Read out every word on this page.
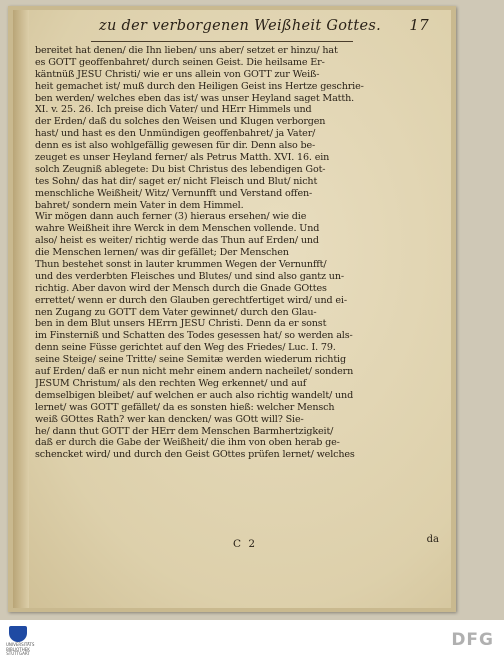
zu der verborgenen Weißheit Gottes. 17
bereitet hat denen/ die Ihn lieben/ uns aber/ setzet er hinzu/ hat
es GOTT geoffenbahret/ durch seinen Geist. Die heilsame Er-
käntnüß JESU Christi/ wie er uns allein von GOTT zur Weiß-
heit gemachet ist/ muß durch den Heiligen Geist ins Hertze geschrie-
ben werden/ welches eben das ist/ was unser Heyland saget Matth.
XI. v. 25. 26. Ich preise dich Vater/ und HErr Himmels und
der Erden/ daß du solches den Weisen und Klugen verborgen
hast/ und hast es den Unmündigen geoffenbahret/ ja Vater/
denn es ist also wohlgefällig gewesen für dir. Denn also be-
zeuget es unser Heyland ferner/ als Petrus Matth. XVI. 16. ein
solch Zeugniß ablegete: Du bist Christus des lebendigen Got-
tes Sohn/ das hat dir/ saget er/ nicht Fleisch und Blut/ nicht
menschliche Weißheit/ Witz/ Vernunfft und Verstand offen-
bahret/ sondern mein Vater in dem Himmel.
Wir mögen dann auch ferner (3) hieraus ersehen/ wie die
wahre Weißheit ihre Werck in dem Menschen vollende. Und
also/ heist es weiter/ richtig werde das Thun auf Erden/ und
die Menschen lernen/ was dir gefället; Der Menschen
Thun bestehet sonst in lauter krummen Wegen der Vernunfft/
und des verderbten Fleisches und Blutes/ und sind also gantz un-
richtig. Aber davon wird der Mensch durch die Gnade GOttes
errettet/ wenn er durch den Glauben gerechtfertiget wird/ und ei-
nen Zugang zu GOTT dem Vater gewinnet/ durch den Glau-
ben in dem Blut unsers HErrn JESU Christi. Denn da er sonst
im Finsterniß und Schatten des Todes gesessen hat/ so werden als-
denn seine Füsse gerichtet auf den Weg des Friedes/ Luc. I. 79.
seine Steige/ seine Tritte/ seine Semitæ werden wiederum richtig
auf Erden/ daß er nun nicht mehr einem andern nacheilet/ sondern
JESUM Christum/ als den rechten Weg erkennet/ und auf
demselbigen bleibet/ auf welchen er auch also richtig wandelt/ und
lernet/ was GOTT gefället/ da es sonsten hieß: welcher Mensch
weiß GOttes Rath? wer kan dencken/ was GOtt will? Sie-
he/ dann thut GOTT der HErr dem Menschen Barmhertzigkeit/
daß er durch die Gabe der Weißheit/ die ihm von oben herab ge-
schencket wird/ und durch den Geist GOttes prüfen lernet/ welches
C 2	da
UNIVERSITÄTS BIBLIOTHEK STUTTGART
DFG
